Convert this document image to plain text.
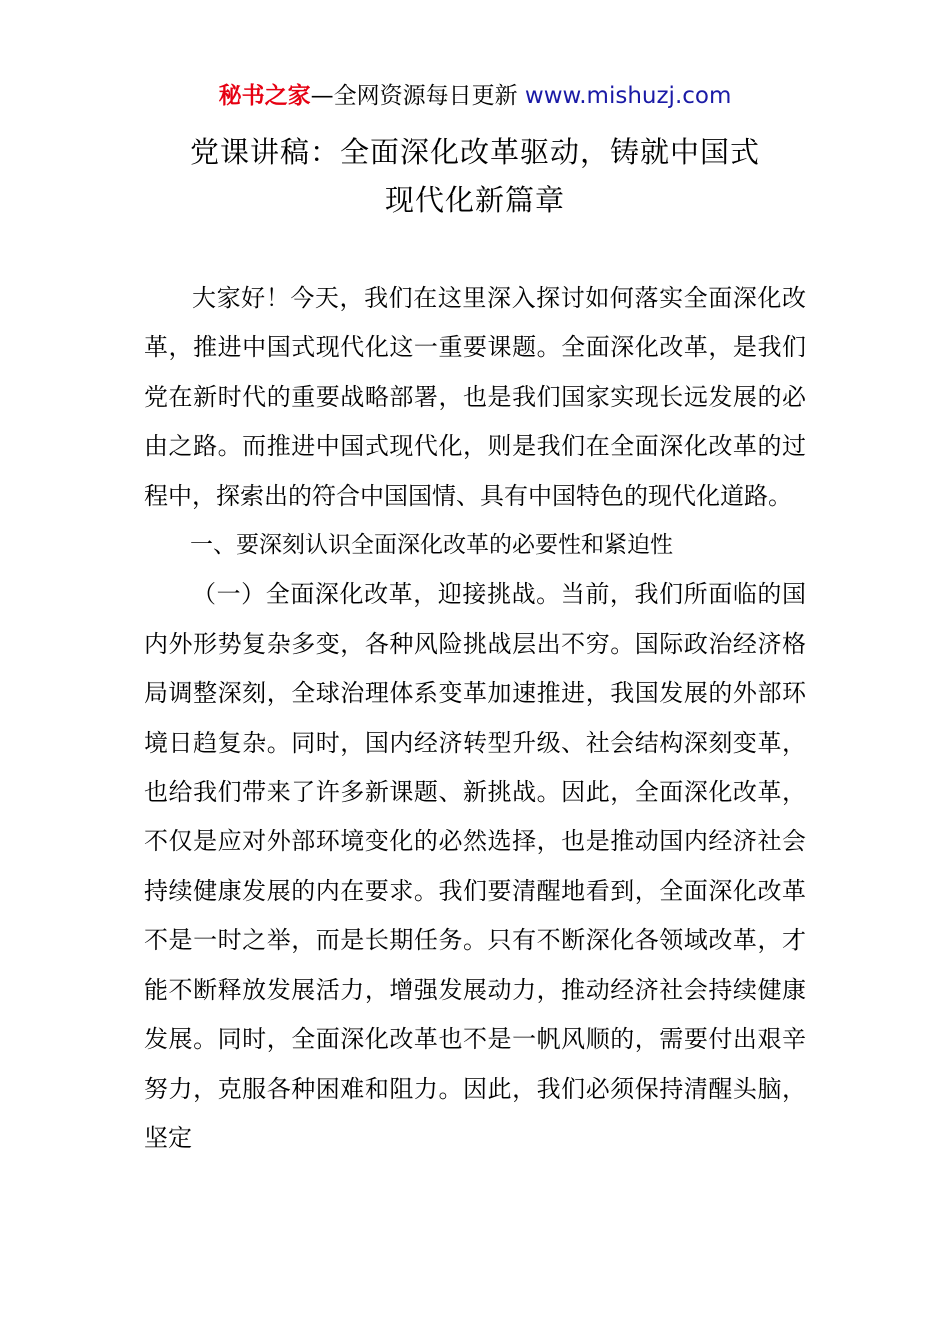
秘书之家—全网资源每日更新 www.mishuzj.com
党课讲稿：全面深化改革驱动，铸就中国式
现代化新篇章

大家好！今天，我们在这里深入探讨如何落实全面深化改革，推进中国式现代化这一重要课题。全面深化改革，是我们党在新时代的重要战略部署，也是我们国家实现长远发展的必由之路。而推进中国式现代化，则是我们在全面深化改革的过程中，探索出的符合中国国情、具有中国特色的现代化道路。

一、要深刻认识全面深化改革的必要性和紧迫性

（一）全面深化改革，迎接挑战。当前，我们所面临的国内外形势复杂多变，各种风险挑战层出不穷。国际政治经济格局调整深刻，全球治理体系变革加速推进，我国发展的外部环境日趋复杂。同时，国内经济转型升级、社会结构深刻变革，也给我们带来了许多新课题、新挑战。因此，全面深化改革，不仅是应对外部环境变化的必然选择，也是推动国内经济社会持续健康发展的内在要求。我们要清醒地看到，全面深化改革不是一时之举，而是长期任务。只有不断深化各领域改革，才能不断释放发展活力，增强发展动力，推动经济社会持续健康发展。同时，全面深化改革也不是一帆风顺的，需要付出艰辛努力，克服各种困难和阻力。因此，我们必须保持清醒头脑，坚定
